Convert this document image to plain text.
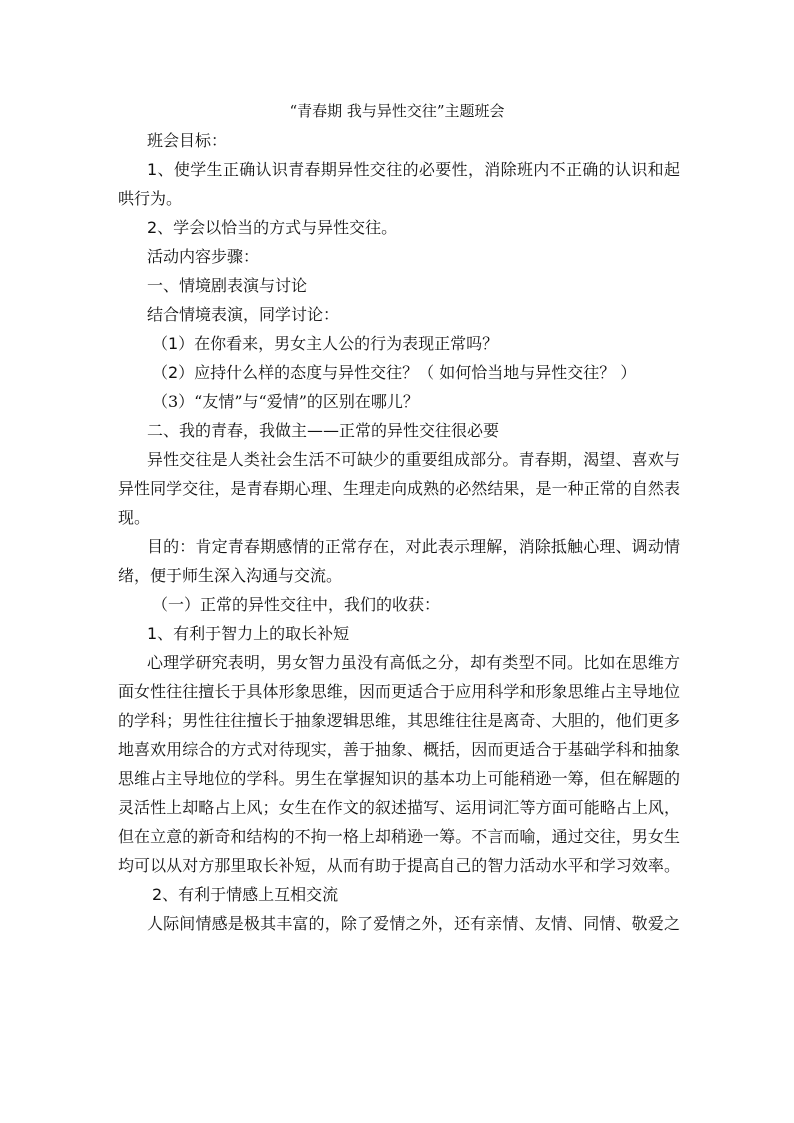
“青春期 我与异性交往”主题班会
班会目标：
1、使学生正确认识青春期异性交往的必要性，消除班内不正确的认识和起
哄行为。
2、学会以恰当的方式与异性交往。
活动内容步骤：
一、情境剧表演与讨论
结合情境表演，同学讨论：
（1）在你看来，男女主人公的行为表现正常吗？
（2）应持什么样的态度与异性交往？（ 如何恰当地与异性交往？ ）
（3）“友情”与“爱情”的区别在哪儿？
二、我的青春，我做主——正常的异性交往很必要
异性交往是人类社会生活不可缺少的重要组成部分。青春期，渴望、喜欢与
异性同学交往，是青春期心理、生理走向成熟的必然结果，是一种正常的自然表
现。
目的：肯定青春期感情的正常存在，对此表示理解，消除抵触心理、调动情
绪，便于师生深入沟通与交流。
（一）正常的异性交往中，我们的收获：
1、有利于智力上的取长补短
心理学研究表明，男女智力虽没有高低之分，却有类型不同。比如在思维方
面女性往往擅长于具体形象思维，因而更适合于应用科学和形象思维占主导地位
的学科；男性往往擅长于抽象逻辑思维，其思维往往是离奇、大胆的，他们更多
地喜欢用综合的方式对待现实，善于抽象、概括，因而更适合于基础学科和抽象
思维占主导地位的学科。男生在掌握知识的基本功上可能稍逊一筹，但在解题的
灵活性上却略占上风；女生在作文的叙述描写、运用词汇等方面可能略占上风，
但在立意的新奇和结构的不拘一格上却稍逊一筹。不言而喻，通过交往，男女生
均可以从对方那里取长补短，从而有助于提高自己的智力活动水平和学习效率。
2、有利于情感上互相交流
人际间情感是极其丰富的，除了爱情之外，还有亲情、友情、同情、敬爱之
